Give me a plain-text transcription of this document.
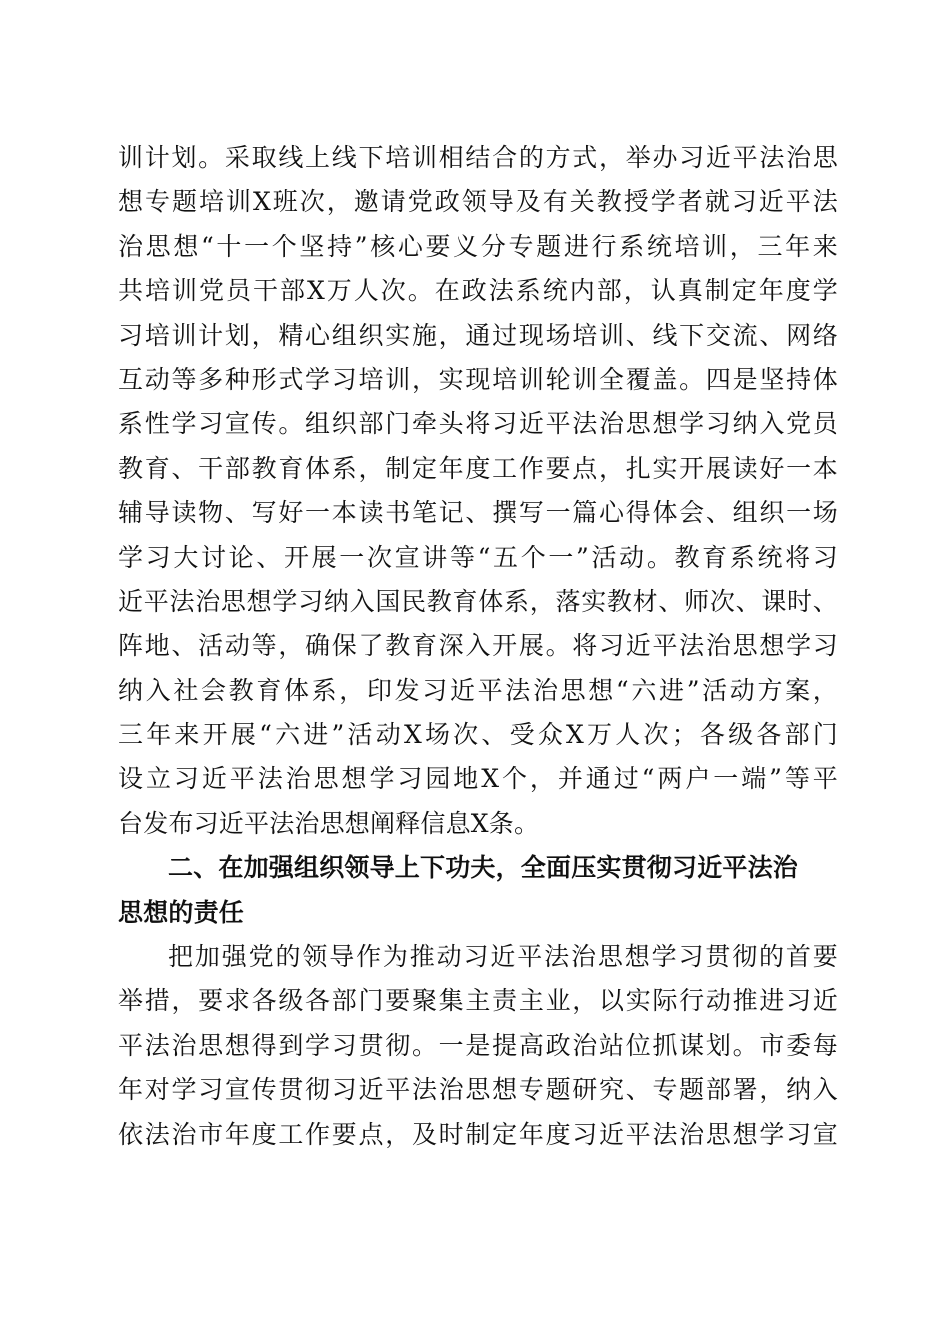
训计划。采取线上线下培训相结合的方式，举办习近平法治思
想专题培训X班次，邀请党政领导及有关教授学者就习近平法
治思想“十一个坚持”核心要义分专题进行系统培训，三年来
共培训党员干部X万人次。在政法系统内部，认真制定年度学
习培训计划，精心组织实施，通过现场培训、线下交流、网络
互动等多种形式学习培训，实现培训轮训全覆盖。四是坚持体
系性学习宣传。组织部门牵头将习近平法治思想学习纳入党员
教育、干部教育体系，制定年度工作要点，扎实开展读好一本
辅导读物、写好一本读书笔记、撰写一篇心得体会、组织一场
学习大讨论、开展一次宣讲等“五个一”活动。教育系统将习
近平法治思想学习纳入国民教育体系，落实教材、师次、课时、
阵地、活动等，确保了教育深入开展。将习近平法治思想学习
纳入社会教育体系，印发习近平法治思想“六进”活动方案，
三年来开展“六进”活动X场次、受众X万人次；各级各部门
设立习近平法治思想学习园地X个，并通过“两户一端”等平
台发布习近平法治思想阐释信息X条。
二、在加强组织领导上下功夫，全面压实贯彻习近平法治
思想的责任
把加强党的领导作为推动习近平法治思想学习贯彻的首要
举措，要求各级各部门要聚集主责主业，以实际行动推进习近
平法治思想得到学习贯彻。一是提高政治站位抓谋划。市委每
年对学习宣传贯彻习近平法治思想专题研究、专题部署，纳入
依法治市年度工作要点，及时制定年度习近平法治思想学习宣
